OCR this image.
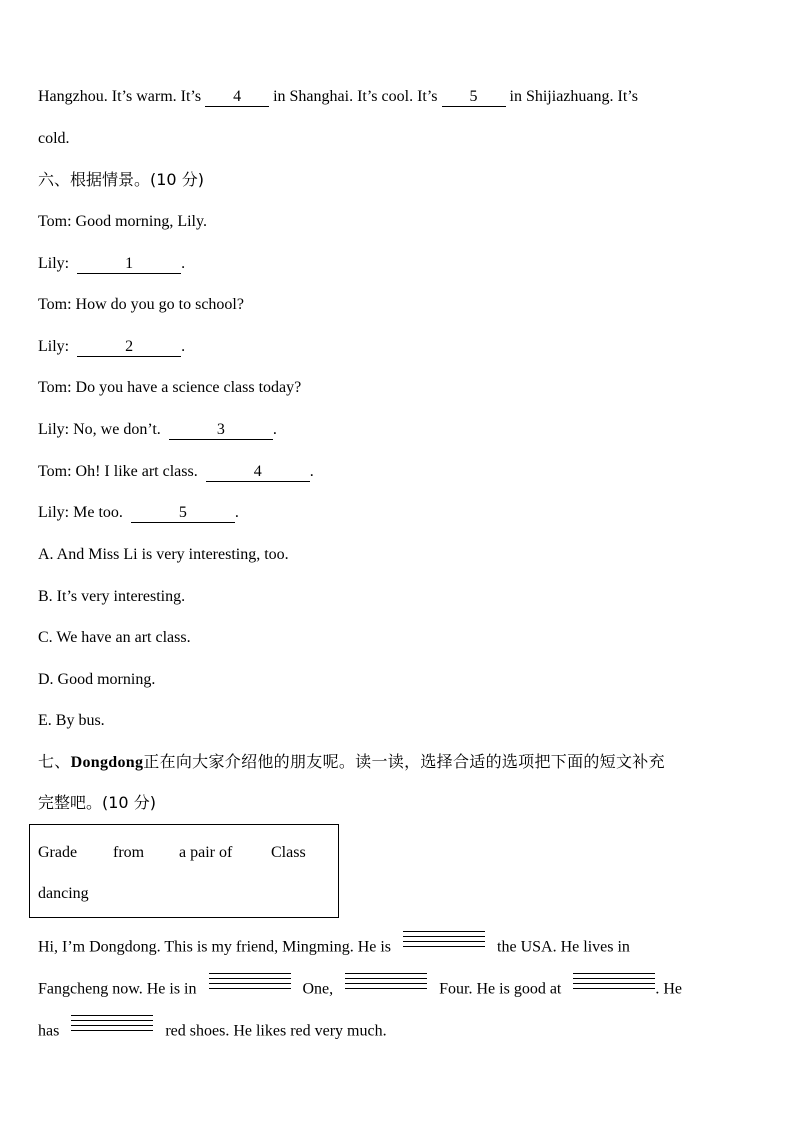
Hangzhou. It’s warm. It’s 4 in Shanghai. It’s cool. It’s 5 in Shijiazhuang. It’s
cold.
六、根据情景。(10 分)
Tom: Good morning, Lily.
Lily:	1	.
Tom: How do you go to school?
Lily:	2	.
Tom: Do you have a science class today?
Lily: No, we don’t.	3	.
Tom: Oh! I like art class.	4	.
Lily: Me too.	5	.
A. And Miss Li is very interesting, too.
B. It’s very interesting.
C. We have an art class.
D. Good morning.
E. By bus.
七、Dongdong正在向大家介绍他的朋友呢。读一读，选择合适的选项把下面的短文补充
完整吧。(10 分)
Grade from a pair of Class
dancing
Hi, I’m Dongdong. This is my friend, Mingming. He is	the USA. He lives in
Fangcheng now. He is in	One,	Four. He is good at	. He
has	red shoes. He likes red very much.
